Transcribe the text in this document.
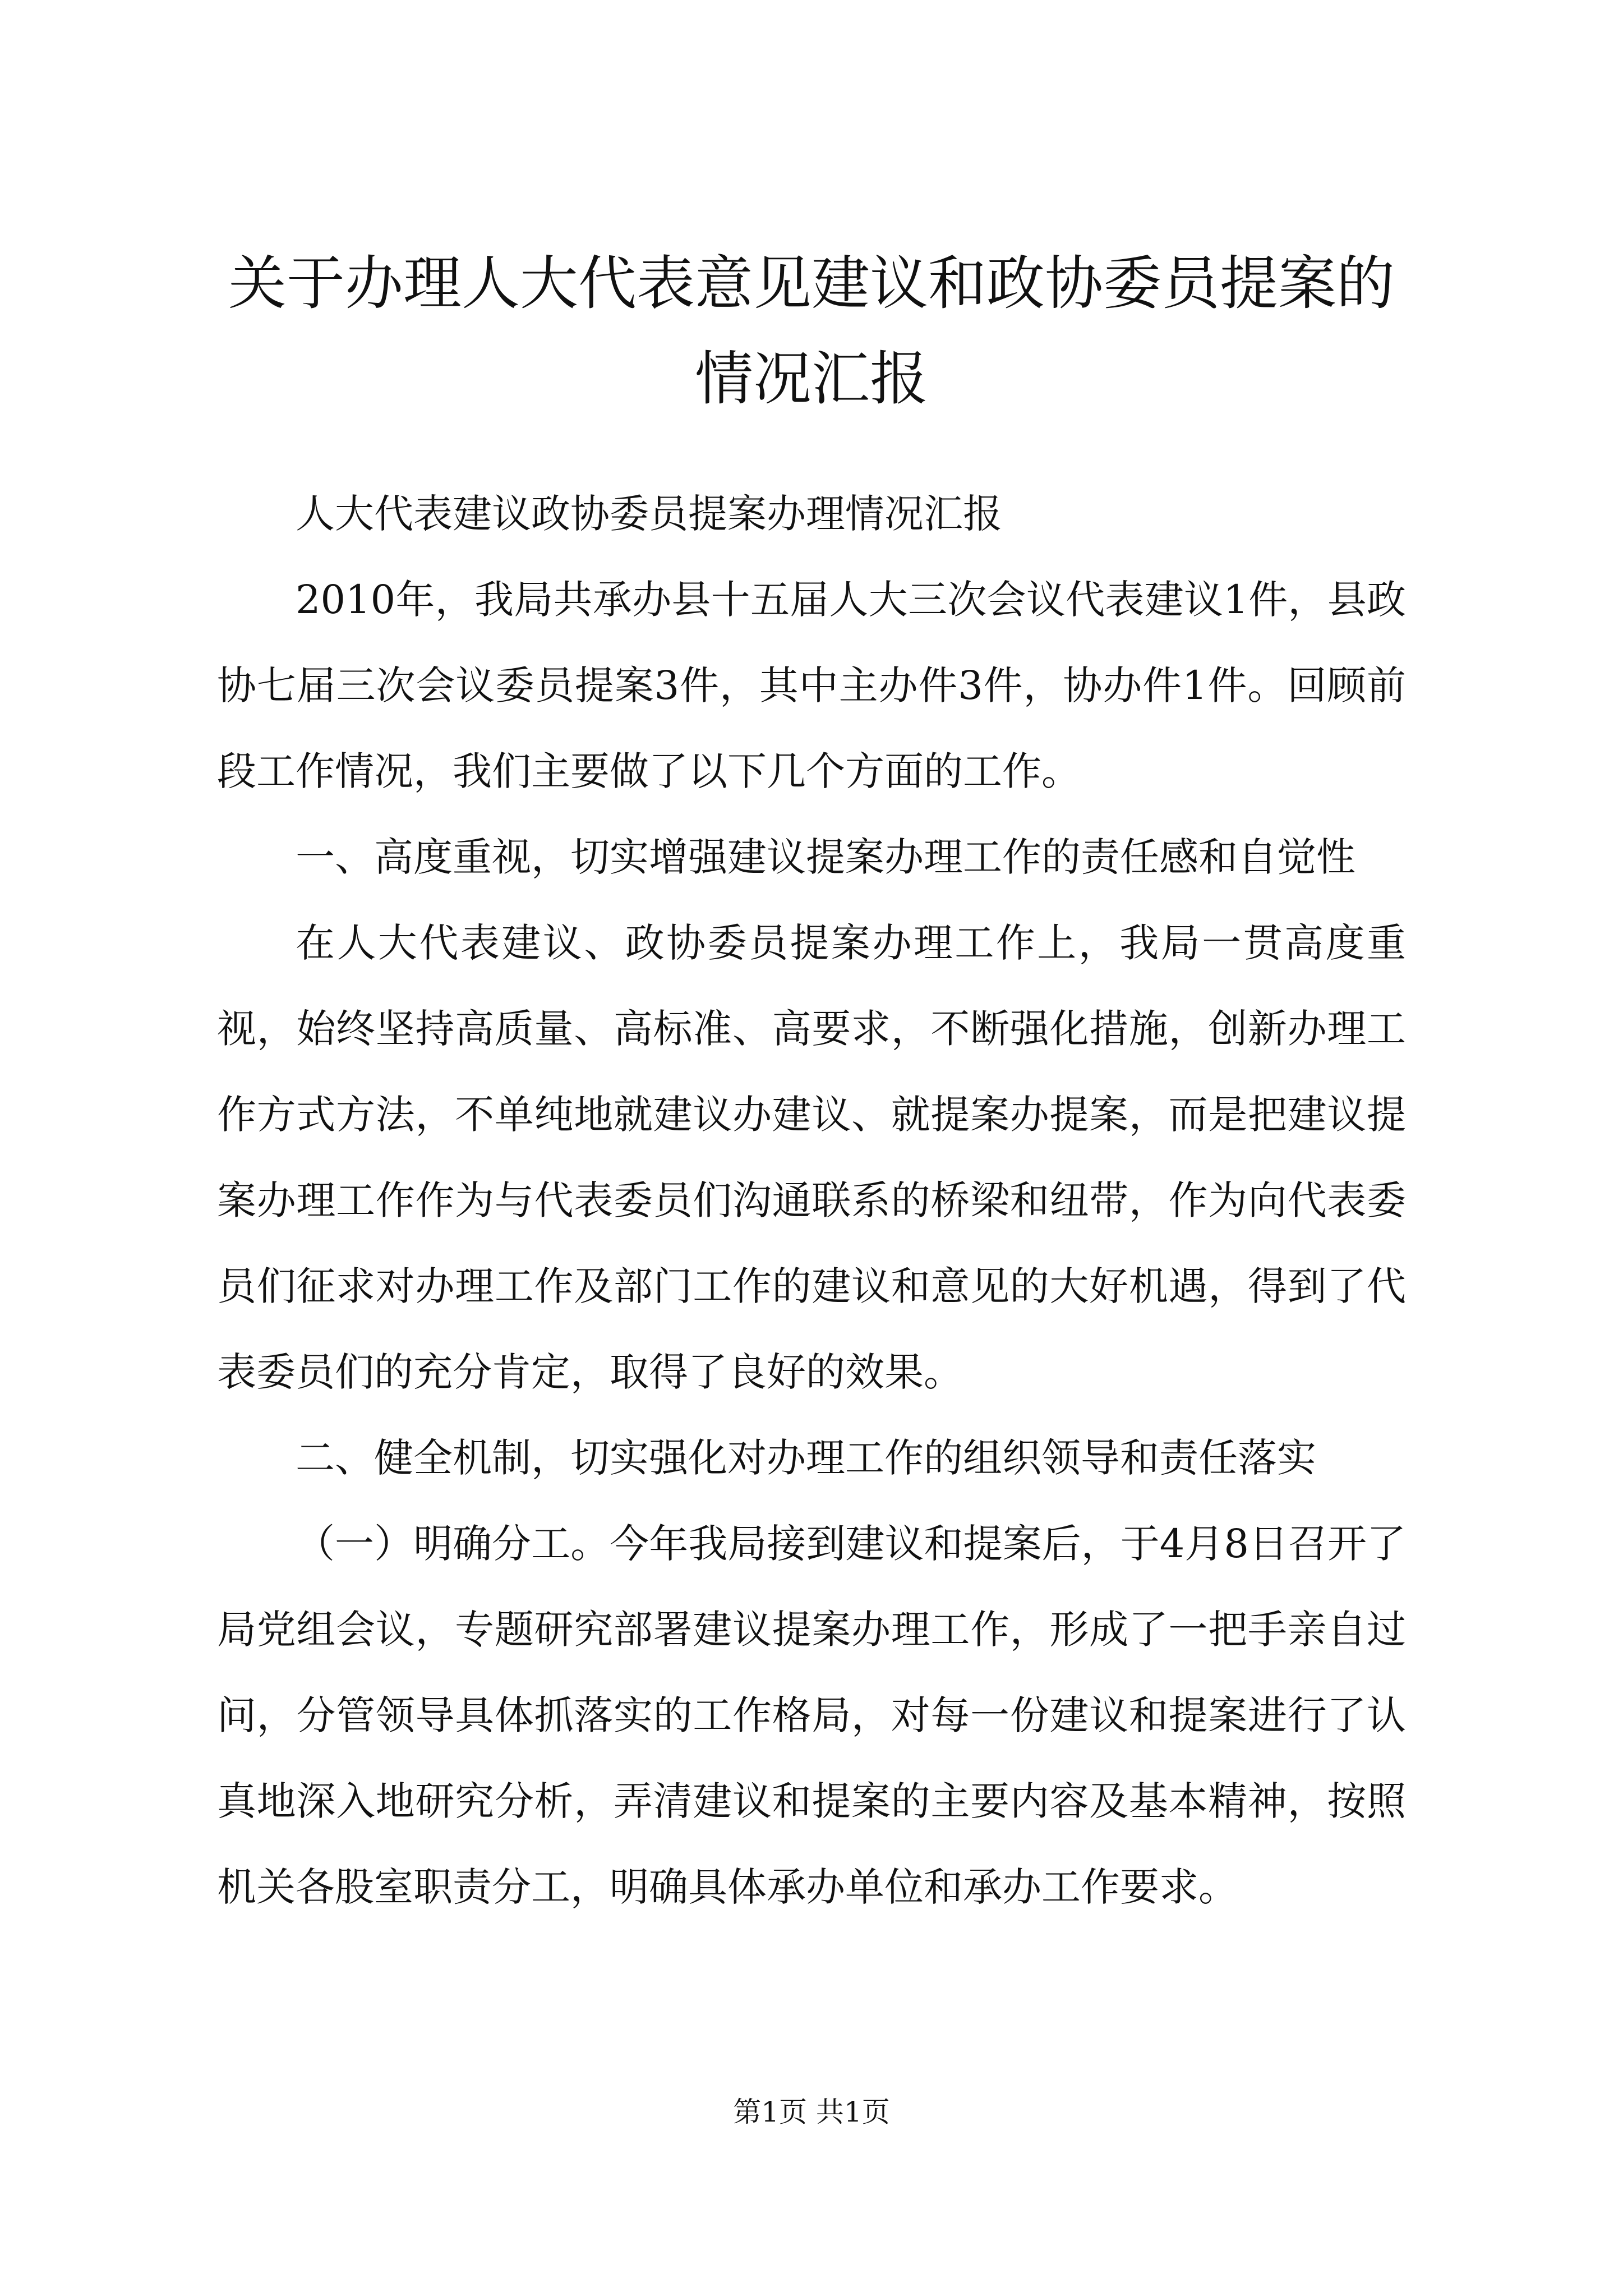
关于办理人大代表意见建议和政协委员提案的
情况汇报

人大代表建议政协委员提案办理情况汇报

2010年，我局共承办县十五届人大三次会议代表建议1件，县政协七届三次会议委员提案3件，其中主办件3件，协办件1件。回顾前段工作情况，我们主要做了以下几个方面的工作。

一、高度重视，切实增强建议提案办理工作的责任感和自觉性

在人大代表建议、政协委员提案办理工作上，我局一贯高度重视，始终坚持高质量、高标准、高要求，不断强化措施，创新办理工作方式方法，不单纯地就建议办建议、就提案办提案，而是把建议提案办理工作作为与代表委员们沟通联系的桥梁和纽带，作为向代表委员们征求对办理工作及部门工作的建议和意见的大好机遇，得到了代表委员们的充分肯定，取得了良好的效果。

二、健全机制，切实强化对办理工作的组织领导和责任落实

（一）明确分工。今年我局接到建议和提案后，于4月8日召开了局党组会议，专题研究部署建议提案办理工作，形成了一把手亲自过问，分管领导具体抓落实的工作格局，对每一份建议和提案进行了认真地深入地研究分析，弄清建议和提案的主要内容及基本精神，按照机关各股室职责分工，明确具体承办单位和承办工作要求。

第1页 共1页
